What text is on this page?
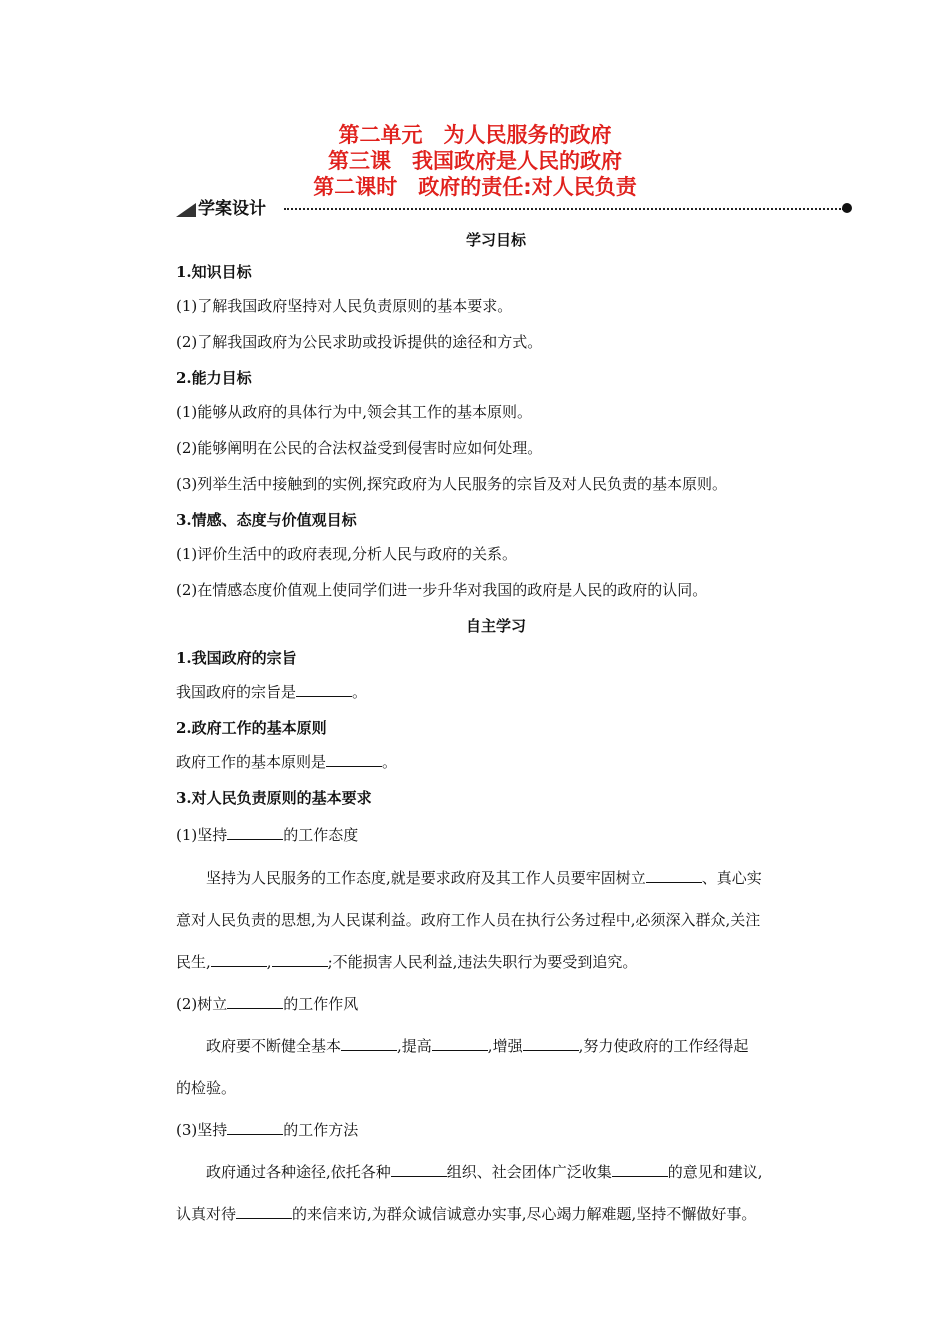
第二单元　为人民服务的政府
第三课　我国政府是人民的政府
第二课时　政府的责任:对人民负责
学案设计
学习目标
1.知识目标
(1)了解我国政府坚持对人民负责原则的基本要求。
(2)了解我国政府为公民求助或投诉提供的途径和方式。
2.能力目标
(1)能够从政府的具体行为中,领会其工作的基本原则。
(2)能够阐明在公民的合法权益受到侵害时应如何处理。
(3)列举生活中接触到的实例,探究政府为人民服务的宗旨及对人民负责的基本原则。
3.情感、态度与价值观目标
(1)评价生活中的政府表现,分析人民与政府的关系。
(2)在情感态度价值观上使同学们进一步升华对我国的政府是人民的政府的认同。
自主学习
1.我国政府的宗旨
我国政府的宗旨是	。
2.政府工作的基本原则
政府工作的基本原则是	。
3.对人民负责原则的基本要求
(1)坚持	的工作态度
坚持为人民服务的工作态度,就是要求政府及其工作人员要牢固树立	、真心实
意对人民负责的思想,为人民谋利益。政府工作人员在执行公务过程中,必须深入群众,关注
民生,	,	;不能损害人民利益,违法失职行为要受到追究。
(2)树立	的工作作风
政府要不断健全基本	,提高	,增强	,努力使政府的工作经得起
的检验。
(3)坚持	的工作方法
政府通过各种途径,依托各种	组织、社会团体广泛收集	的意见和建议,
认真对待	的来信来访,为群众诚信诚意办实事,尽心竭力解难题,坚持不懈做好事。
